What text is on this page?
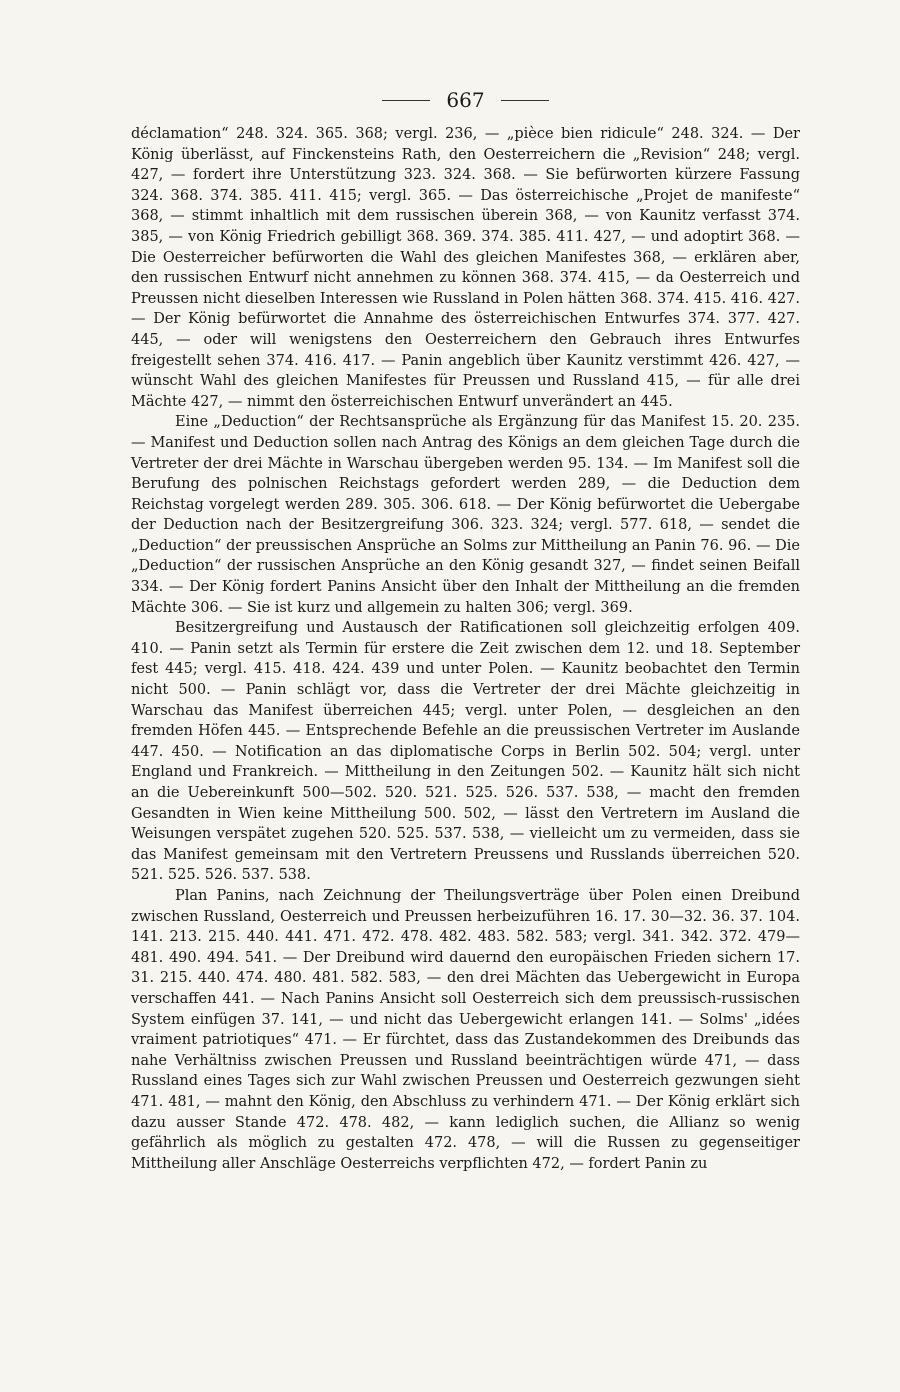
667

déclamation“ 248. 324. 365. 368; vergl. 236, — „pièce bien ridicule“ 248. 324. — Der König überlässt, auf Finckensteins Rath, den Oesterreichern die „Revision“ 248; vergl. 427, — fordert ihre Unterstützung 323. 324. 368. — Sie befürworten kürzere Fassung 324. 368. 374. 385. 411. 415; vergl. 365. — Das österreichische „Projet de manifeste“ 368, — stimmt inhaltlich mit dem russischen überein 368, — von Kaunitz verfasst 374. 385, — von König Friedrich gebilligt 368. 369. 374. 385. 411. 427, — und adoptirt 368. — Die Oesterreicher befürworten die Wahl des gleichen Manifestes 368, — erklären aber, den russischen Entwurf nicht annehmen zu können 368. 374. 415, — da Oesterreich und Preussen nicht dieselben Interessen wie Russland in Polen hätten 368. 374. 415. 416. 427. — Der König befürwortet die Annahme des österreichischen Entwurfes 374. 377. 427. 445, — oder will wenigstens den Oesterreichern den Gebrauch ihres Entwurfes freigestellt sehen 374. 416. 417. — Panin angeblich über Kaunitz verstimmt 426. 427, — wünscht Wahl des gleichen Manifestes für Preussen und Russland 415, — für alle drei Mächte 427, — nimmt den österreichischen Entwurf unverändert an 445.

Eine „Deduction“ der Rechtsansprüche als Ergänzung für das Manifest 15. 20. 235. — Manifest und Deduction sollen nach Antrag des Königs an dem gleichen Tage durch die Vertreter der drei Mächte in Warschau übergeben werden 95. 134. — Im Manifest soll die Berufung des polnischen Reichstags gefordert werden 289, — die Deduction dem Reichstag vorgelegt werden 289. 305. 306. 618. — Der König befürwortet die Uebergabe der Deduction nach der Besitzergreifung 306. 323. 324; vergl. 577. 618, — sendet die „Deduction“ der preussischen Ansprüche an Solms zur Mittheilung an Panin 76. 96. — Die „Deduction“ der russischen Ansprüche an den König gesandt 327, — findet seinen Beifall 334. — Der König fordert Panins Ansicht über den Inhalt der Mittheilung an die fremden Mächte 306. — Sie ist kurz und allgemein zu halten 306; vergl. 369.

Besitzergreifung und Austausch der Ratificationen soll gleichzeitig erfolgen 409. 410. — Panin setzt als Termin für erstere die Zeit zwischen dem 12. und 18. September fest 445; vergl. 415. 418. 424. 439 und unter Polen. — Kaunitz beobachtet den Termin nicht 500. — Panin schlägt vor, dass die Vertreter der drei Mächte gleichzeitig in Warschau das Manifest überreichen 445; vergl. unter Polen, — desgleichen an den fremden Höfen 445. — Entsprechende Befehle an die preussischen Vertreter im Auslande 447. 450. — Notification an das diplomatische Corps in Berlin 502. 504; vergl. unter England und Frankreich. — Mittheilung in den Zeitungen 502. — Kaunitz hält sich nicht an die Uebereinkunft 500—502. 520. 521. 525. 526. 537. 538, — macht den fremden Gesandten in Wien keine Mittheilung 500. 502, — lässt den Vertretern im Ausland die Weisungen verspätet zugehen 520. 525. 537. 538, — vielleicht um zu vermeiden, dass sie das Manifest gemeinsam mit den Vertretern Preussens und Russlands überreichen 520. 521. 525. 526. 537. 538.

Plan Panins, nach Zeichnung der Theilungsverträge über Polen einen Dreibund zwischen Russland, Oesterreich und Preussen herbeizuführen 16. 17. 30—32. 36. 37. 104. 141. 213. 215. 440. 441. 471. 472. 478. 482. 483. 582. 583; vergl. 341. 342. 372. 479—481. 490. 494. 541. — Der Dreibund wird dauernd den europäischen Frieden sichern 17. 31. 215. 440. 474. 480. 481. 582. 583, — den drei Mächten das Uebergewicht in Europa verschaffen 441. — Nach Panins Ansicht soll Oesterreich sich dem preussisch-russischen System einfügen 37. 141, — und nicht das Uebergewicht erlangen 141. — Solms' „idées vraiment patriotiques“ 471. — Er fürchtet, dass das Zustandekommen des Dreibunds das nahe Verhältniss zwischen Preussen und Russland beeinträchtigen würde 471, — dass Russland eines Tages sich zur Wahl zwischen Preussen und Oesterreich gezwungen sieht 471. 481, — mahnt den König, den Abschluss zu verhindern 471. — Der König erklärt sich dazu ausser Stande 472. 478. 482, — kann lediglich suchen, die Allianz so wenig gefährlich als möglich zu gestalten 472. 478, — will die Russen zu gegenseitiger Mittheilung aller Anschläge Oesterreichs verpflichten 472, — fordert Panin zu
